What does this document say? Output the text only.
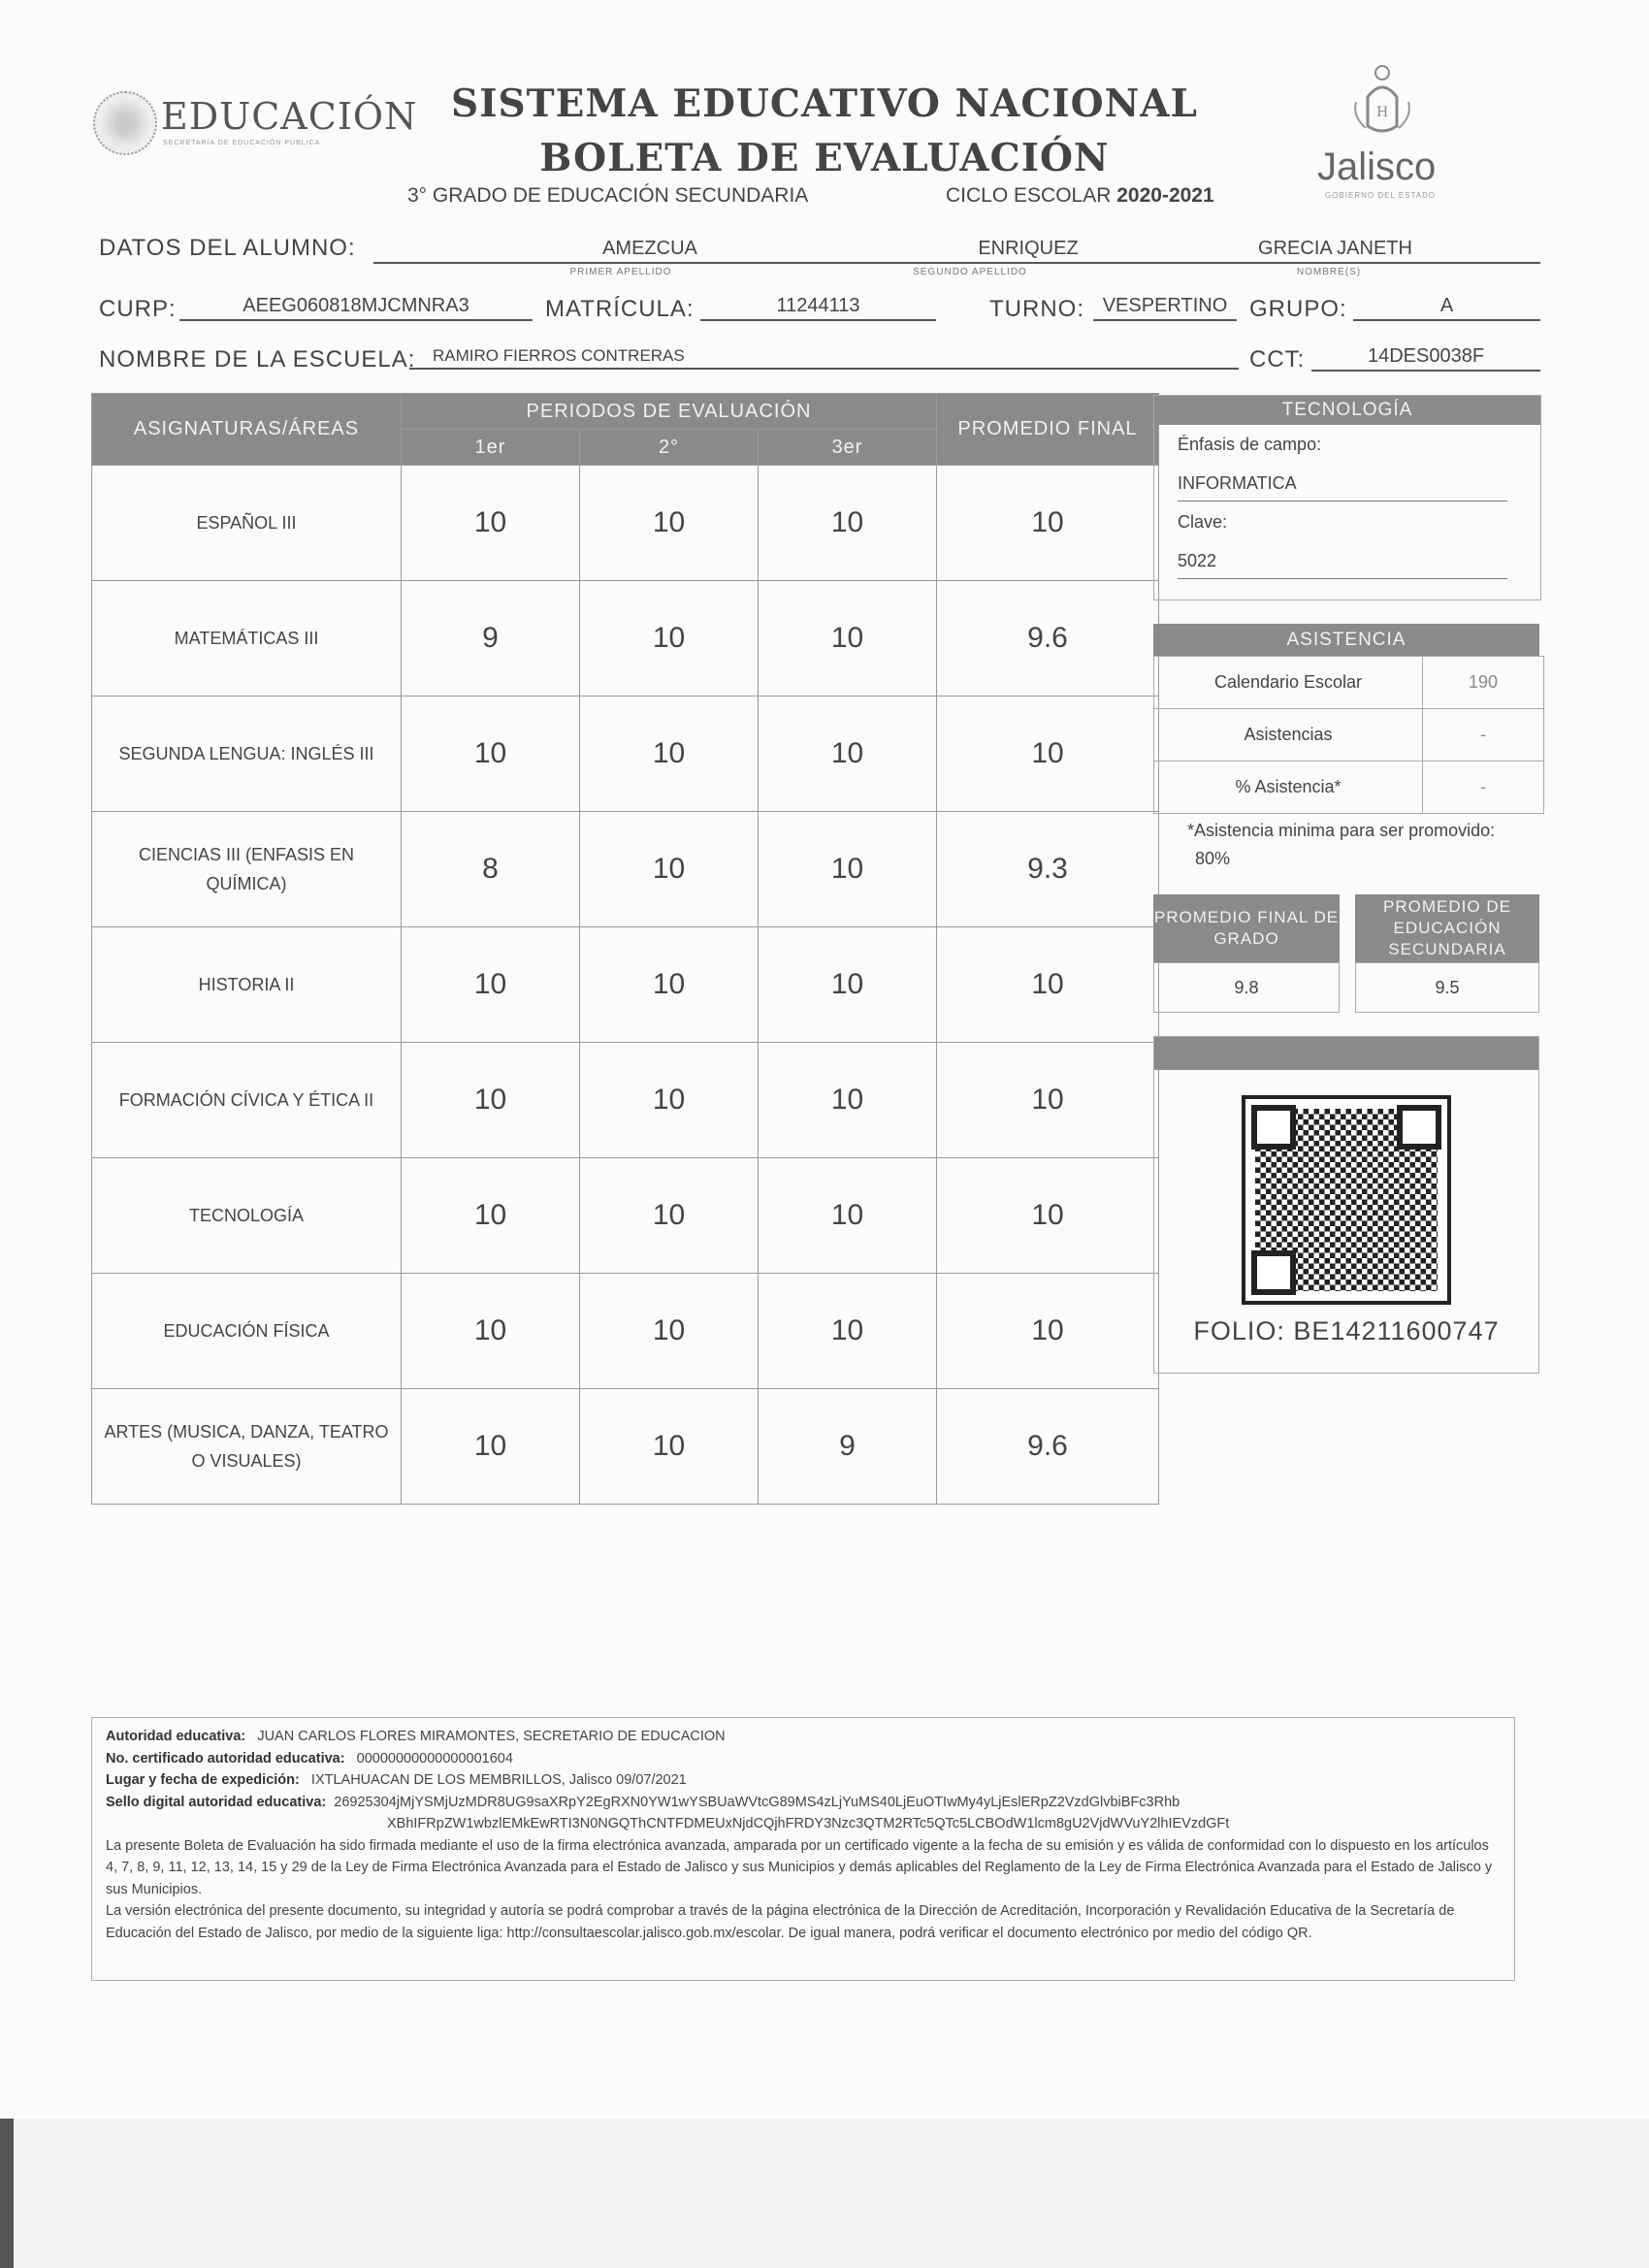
EDUCACIÓN
SECRETARÍA DE EDUCACIÓN PÚBLICA
SISTEMA EDUCATIVO NACIONAL
BOLETA DE EVALUACIÓN
3° GRADO DE EDUCACIÓN SECUNDARIA	CICLO ESCOLAR 2020-2021
H
Jalisco
GOBIERNO DEL ESTADO
DATOS DEL ALUMNO:	AMEZCUA	ENRIQUEZ	GRECIA JANETH
PRIMER APELLIDO	SEGUNDO APELLIDO	NOMBRE(S)
CURP:	AEEG060818MJCMNRA3	MATRÍCULA:	11244113	TURNO: VESPERTINO GRUPO:	A
NOMBRE DE LA ESCUELA:	RAMIRO FIERROS CONTRERAS	CCT:	14DES0038F
ASIGNATURAS/ÁREAS	PERIODOS DE EVALUACIÓN			PROMEDIO FINAL
	1er	2°	3er	
ESPAÑOL III	10	10	10	10
MATEMÁTICAS III	9	10	10	9.6
SEGUNDA LENGUA: INGLÉS III	10	10	10	10
CIENCIAS III (ENFASIS EN QUÍMICA)	8	10	10	9.3
HISTORIA II	10	10	10	10
FORMACIÓN CÍVICA Y ÉTICA II	10	10	10	10
TECNOLOGÍA	10	10	10	10
EDUCACIÓN FÍSICA	10	10	10	10
ARTES (MUSICA, DANZA, TEATRO O VISUALES)	10	10	9	9.6
TECNOLOGÍA
Énfasis de campo:
INFORMATICA
Clave:
5022
ASISTENCIA
Calendario Escolar	190
Asistencias	-
% Asistencia*	-
*Asistencia minima para ser promovido: 80%
PROMEDIO FINAL DE GRADO
9.8
PROMEDIO DE EDUCACIÓN SECUNDARIA
9.5
FOLIO: BE14211600747

Autoridad educativa: JUAN CARLOS FLORES MIRAMONTES, SECRETARIO DE EDUCACION

No. certificado autoridad educativa: 00000000000000001604

Lugar y fecha de expedición: IXTLAHUACAN DE LOS MEMBRILLOS, Jalisco 09/07/2021

Sello digital autoridad educativa: 26925304jMjYSMjUzMDR8UG9saXRpY2EgRXN0YW1wYSBUaWVtcG89MS4zLjYuMS40LjEuOTIwMy4yLjEslERpZ2VzdGlvbiBFc3Rhb

XBhIFRpZW1wbzlEMkEwRTI3N0NGQThCNTFDMEUxNjdCQjhFRDY3Nzc3QTM2RTc5QTc5LCBOdW1lcm8gU2VjdWVuY2lhIEVzdGFt

La presente Boleta de Evaluación ha sido firmada mediante el uso de la firma electrónica avanzada, amparada por un certificado vigente a la fecha de su emisión y es válida de conformidad con lo dispuesto en los artículos 4, 7, 8, 9, 11, 12, 13, 14, 15 y 29 de la Ley de Firma Electrónica Avanzada para el Estado de Jalisco y sus Municipios y demás aplicables del Reglamento de la Ley de Firma Electrónica Avanzada para el Estado de Jalisco y sus Municipios.

La versión electrónica del presente documento, su integridad y autoría se podrá comprobar a través de la página electrónica de la Dirección de Acreditación, Incorporación y Revalidación Educativa de la Secretaría de Educación del Estado de Jalisco, por medio de la siguiente liga: http://consultaescolar.jalisco.gob.mx/escolar. De igual manera, podrá verificar el documento electrónico por medio del código QR.
